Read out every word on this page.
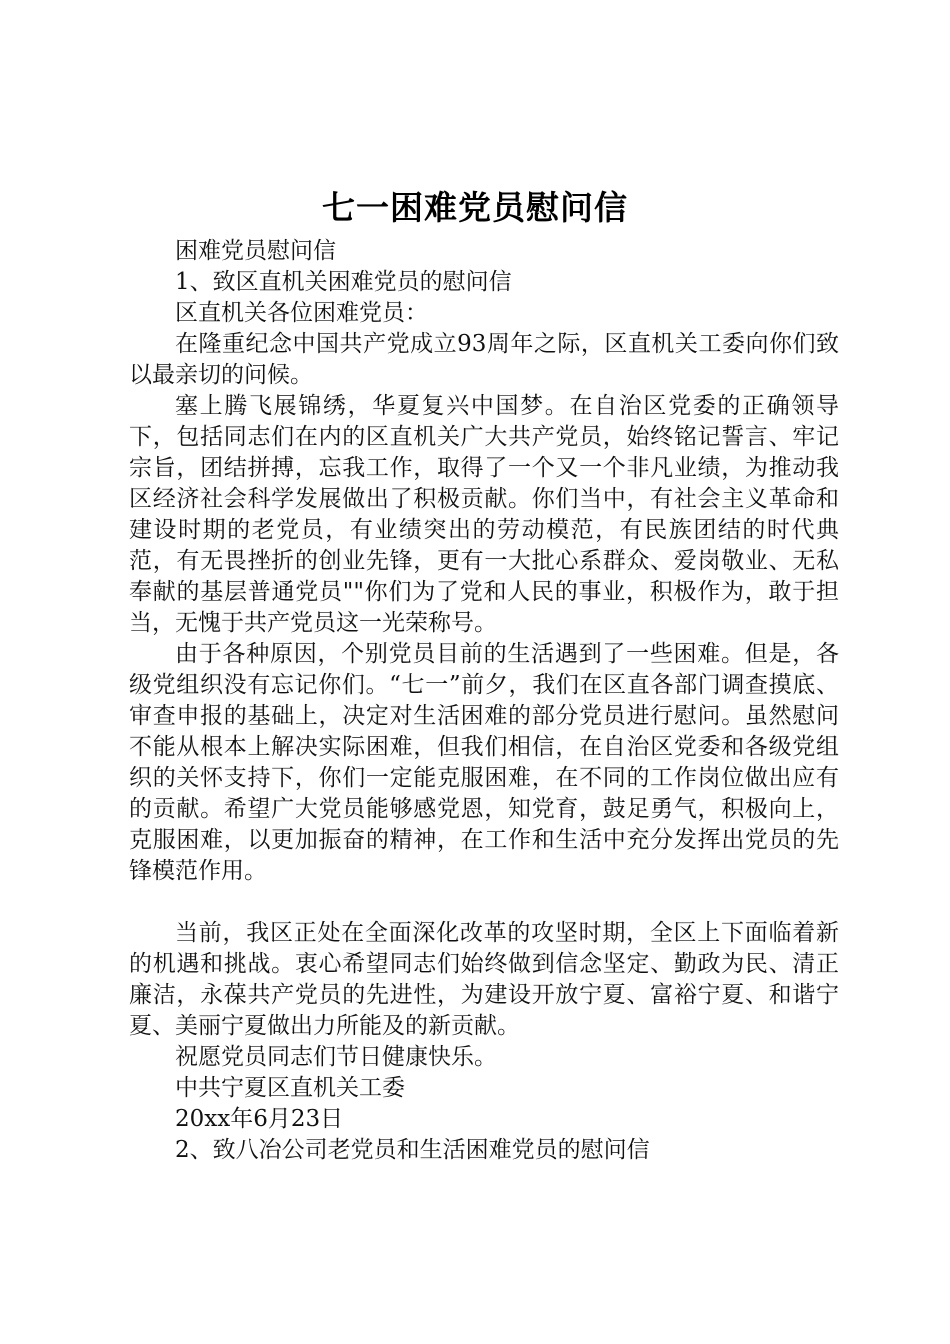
七一困难党员慰问信

困难党员慰问信

1、致区直机关困难党员的慰问信

区直机关各位困难党员：

在隆重纪念中国共产党成立93周年之际，区直机关工委向你们致以最亲切的问候。

塞上腾飞展锦绣，华夏复兴中国梦。在自治区党委的正确领导下，包括同志们在内的区直机关广大共产党员，始终铭记誓言、牢记宗旨，团结拼搏，忘我工作，取得了一个又一个非凡业绩，为推动我区经济社会科学发展做出了积极贡献。你们当中，有社会主义革命和建设时期的老党员，有业绩突出的劳动模范，有民族团结的时代典范，有无畏挫折的创业先锋，更有一大批心系群众、爱岗敬业、无私奉献的基层普通党员""你们为了党和人民的事业，积极作为，敢于担当，无愧于共产党员这一光荣称号。

由于各种原因，个别党员目前的生活遇到了一些困难。但是，各级党组织没有忘记你们。“七一”前夕，我们在区直各部门调查摸底、审查申报的基础上，决定对生活困难的部分党员进行慰问。虽然慰问不能从根本上解决实际困难，但我们相信，在自治区党委和各级党组织的关怀支持下，你们一定能克服困难，在不同的工作岗位做出应有的贡献。希望广大党员能够感党恩，知党育，鼓足勇气，积极向上，克服困难，以更加振奋的精神，在工作和生活中充分发挥出党员的先锋模范作用。

当前，我区正处在全面深化改革的攻坚时期，全区上下面临着新的机遇和挑战。衷心希望同志们始终做到信念坚定、勤政为民、清正廉洁，永葆共产党员的先进性，为建设开放宁夏、富裕宁夏、和谐宁夏、美丽宁夏做出力所能及的新贡献。

祝愿党员同志们节日健康快乐。

中共宁夏区直机关工委

20xx年6月23日

2、致八冶公司老党员和生活困难党员的慰问信
